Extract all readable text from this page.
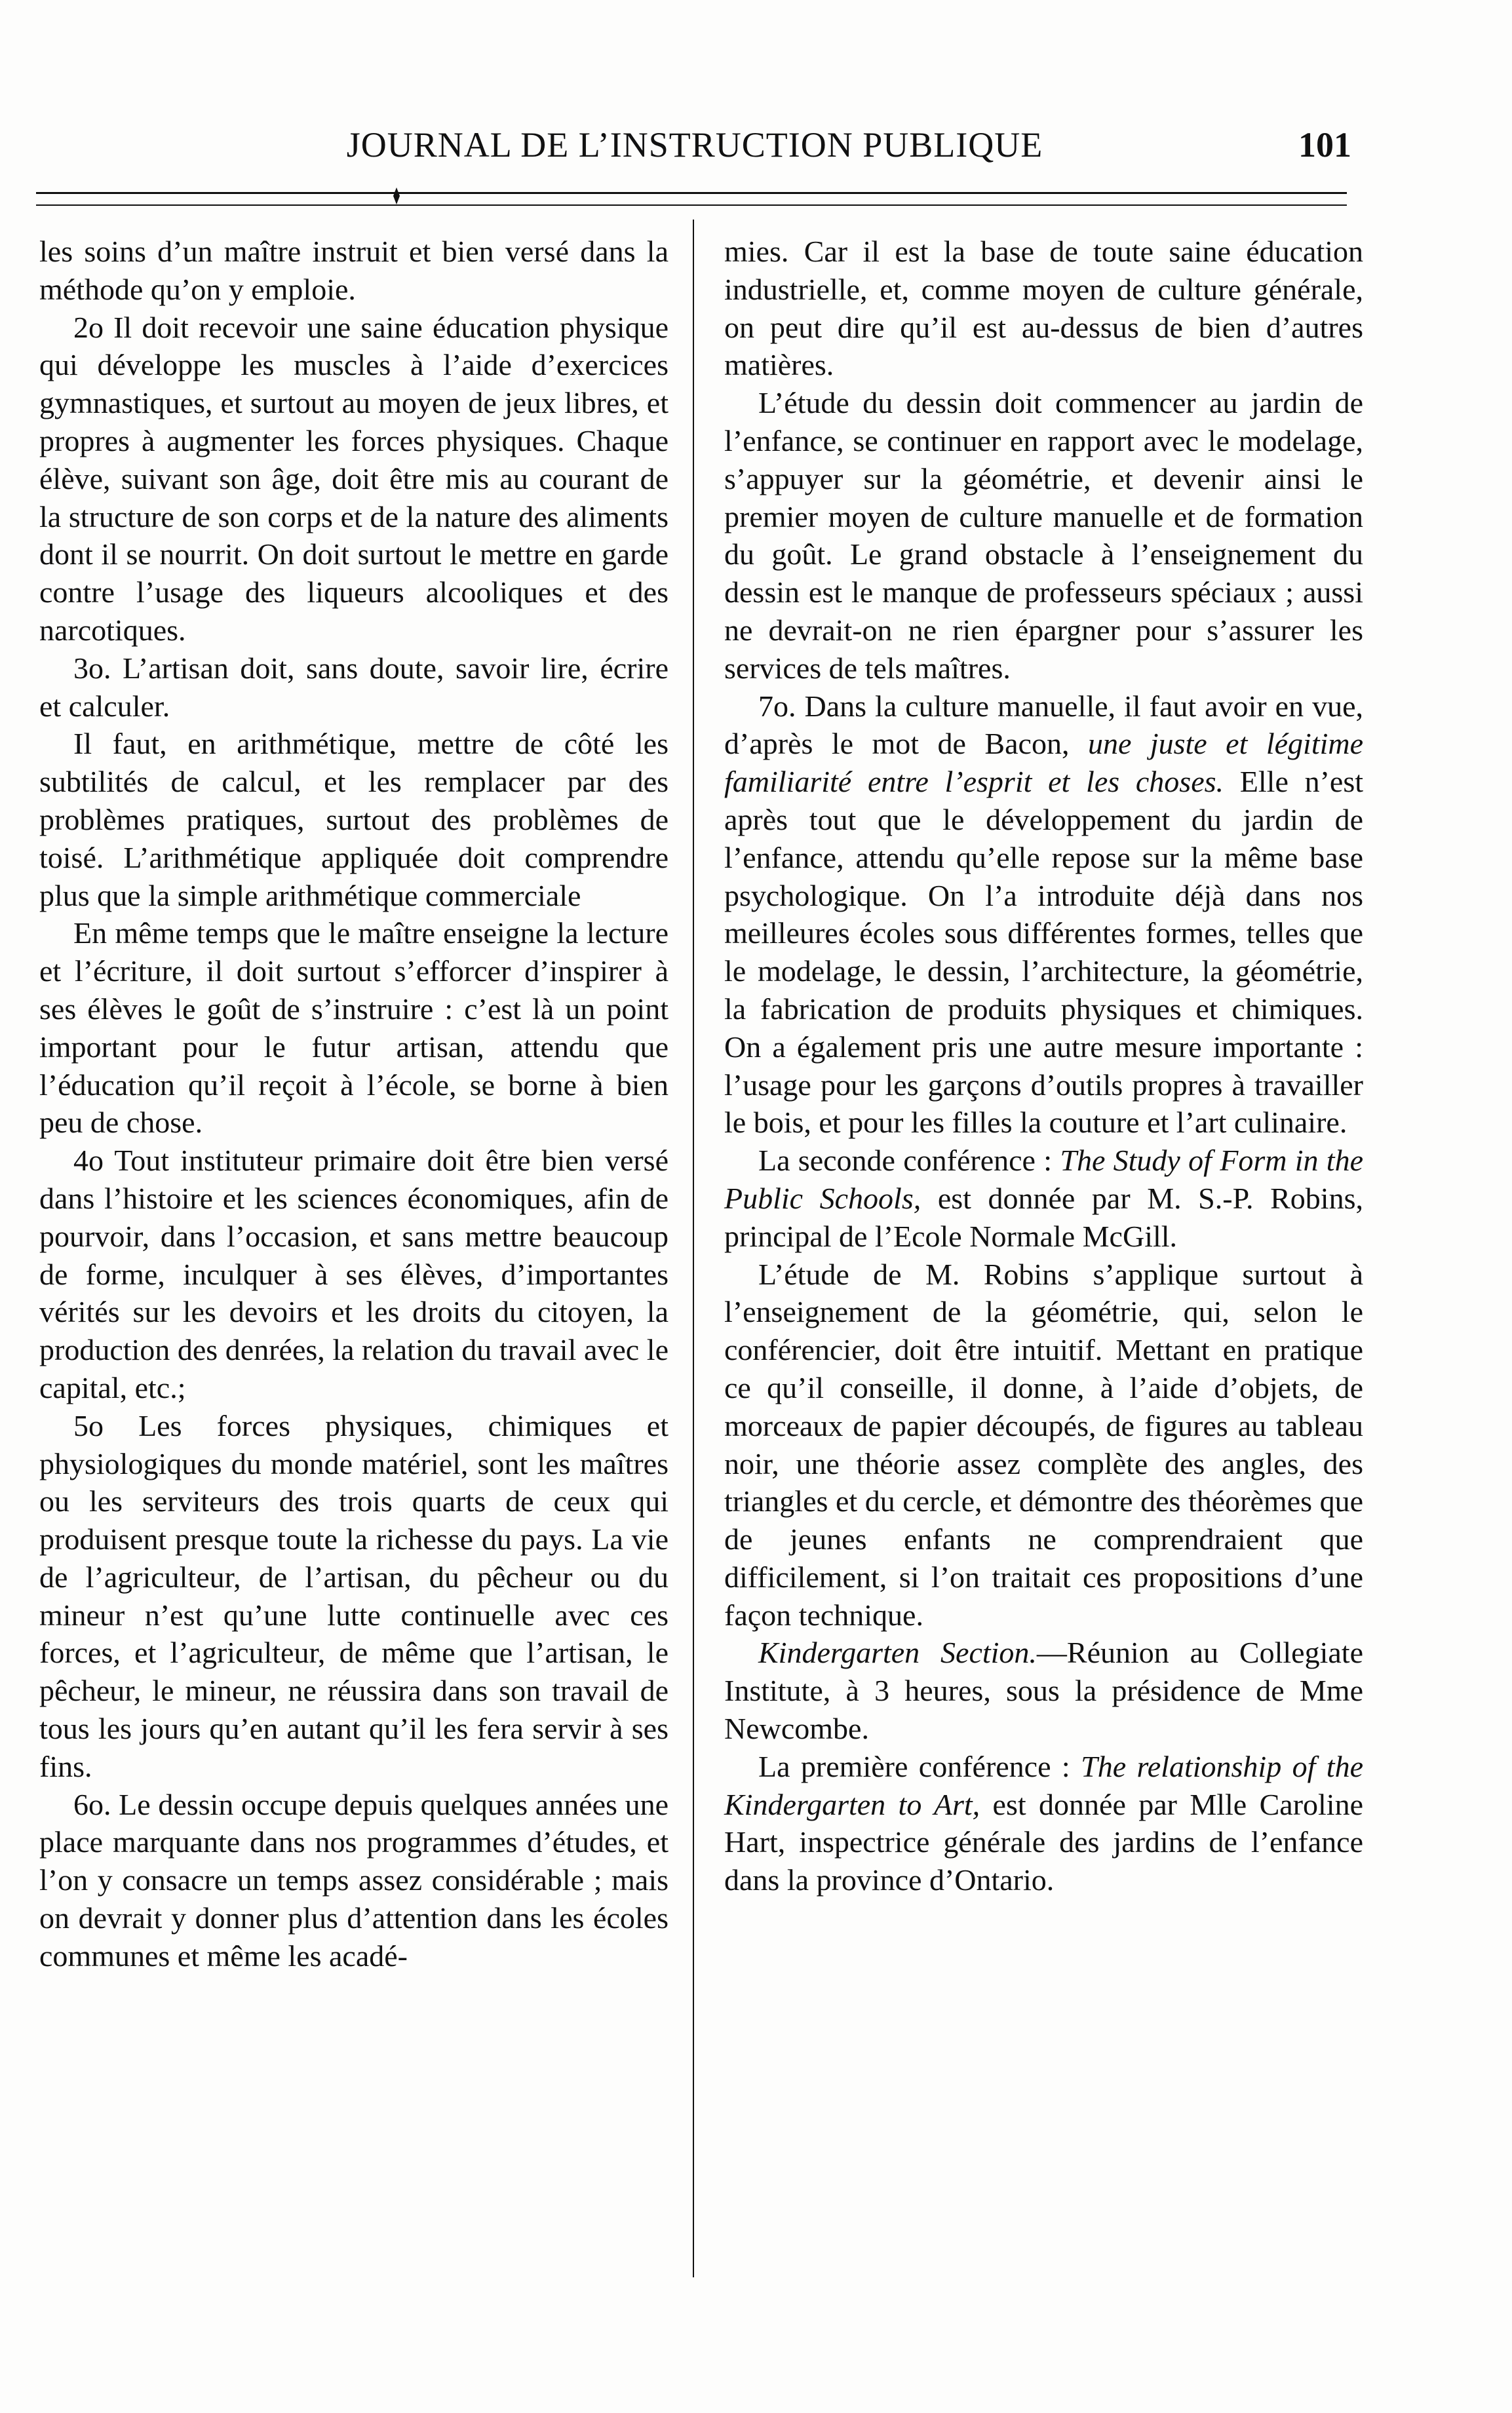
JOURNAL DE L’INSTRUCTION PUBLIQUE	101

les soins d’un maître instruit et bien versé dans la méthode qu’on y emploie.

2o Il doit recevoir une saine éducation physique qui développe les muscles à l’aide d’exercices gymnastiques, et surtout au moyen de jeux libres, et propres à augmenter les forces physiques. Chaque élève, suivant son âge, doit être mis au courant de la structure de son corps et de la nature des aliments dont il se nourrit. On doit surtout le mettre en garde contre l’usage des liqueurs alcooliques et des narcotiques.

3o. L’artisan doit, sans doute, savoir lire, écrire et calculer.

Il faut, en arithmétique, mettre de côté les subtilités de calcul, et les remplacer par des problèmes pratiques, surtout des problèmes de toisé. L’arithmétique appliquée doit comprendre plus que la simple arithmétique commerciale

En même temps que le maître enseigne la lecture et l’écriture, il doit surtout s’efforcer d’inspirer à ses élèves le goût de s’instruire : c’est là un point important pour le futur artisan, attendu que l’éducation qu’il reçoit à l’école, se borne à bien peu de chose.

4o Tout instituteur primaire doit être bien versé dans l’histoire et les sciences économiques, afin de pourvoir, dans l’occasion, et sans mettre beaucoup de forme, inculquer à ses élèves, d’importantes vérités sur les devoirs et les droits du citoyen, la production des denrées, la relation du travail avec le capital, etc.;

5o Les forces physiques, chimiques et physiologiques du monde matériel, sont les maîtres ou les serviteurs des trois quarts de ceux qui produisent presque toute la richesse du pays. La vie de l’agriculteur, de l’artisan, du pêcheur ou du mineur n’est qu’une lutte continuelle avec ces forces, et l’agriculteur, de même que l’artisan, le pêcheur, le mineur, ne réussira dans son travail de tous les jours qu’en autant qu’il les fera servir à ses fins.

6o. Le dessin occupe depuis quelques années une place marquante dans nos programmes d’études, et l’on y consacre un temps assez considérable ; mais on devrait y donner plus d’attention dans les écoles communes et même les acadé-

mies. Car il est la base de toute saine éducation industrielle, et, comme moyen de culture générale, on peut dire qu’il est au-dessus de bien d’autres matières.

L’étude du dessin doit commencer au jardin de l’enfance, se continuer en rapport avec le modelage, s’appuyer sur la géométrie, et devenir ainsi le premier moyen de culture manuelle et de formation du goût. Le grand obstacle à l’enseignement du dessin est le manque de professeurs spéciaux ; aussi ne devrait-on ne rien épargner pour s’assurer les services de tels maîtres.

7o. Dans la culture manuelle, il faut avoir en vue, d’après le mot de Bacon, une juste et légitime familiarité entre l’esprit et les choses. Elle n’est après tout que le développement du jardin de l’enfance, attendu qu’elle repose sur la même base psychologique. On l’a introduite déjà dans nos meilleures écoles sous différentes formes, telles que le modelage, le dessin, l’architecture, la géométrie, la fabrication de produits physiques et chimiques. On a également pris une autre mesure importante : l’usage pour les garçons d’outils propres à travailler le bois, et pour les filles la couture et l’art culinaire.

La seconde conférence : The Study of Form in the Public Schools, est donnée par M. S.-P. Robins, principal de l’Ecole Normale McGill.

L’étude de M. Robins s’applique surtout à l’enseignement de la géométrie, qui, selon le conférencier, doit être intuitif. Mettant en pratique ce qu’il conseille, il donne, à l’aide d’objets, de morceaux de papier découpés, de figures au tableau noir, une théorie assez complète des angles, des triangles et du cercle, et démontre des théorèmes que de jeunes enfants ne comprendraient que difficilement, si l’on traitait ces propositions d’une façon technique.

Kindergarten Section.—Réunion au Collegiate Institute, à 3 heures, sous la présidence de Mme Newcombe.

La première conférence : The relationship of the Kindergarten to Art, est donnée par Mlle Caroline Hart, inspectrice générale des jardins de l’enfance dans la province d’Ontario.
